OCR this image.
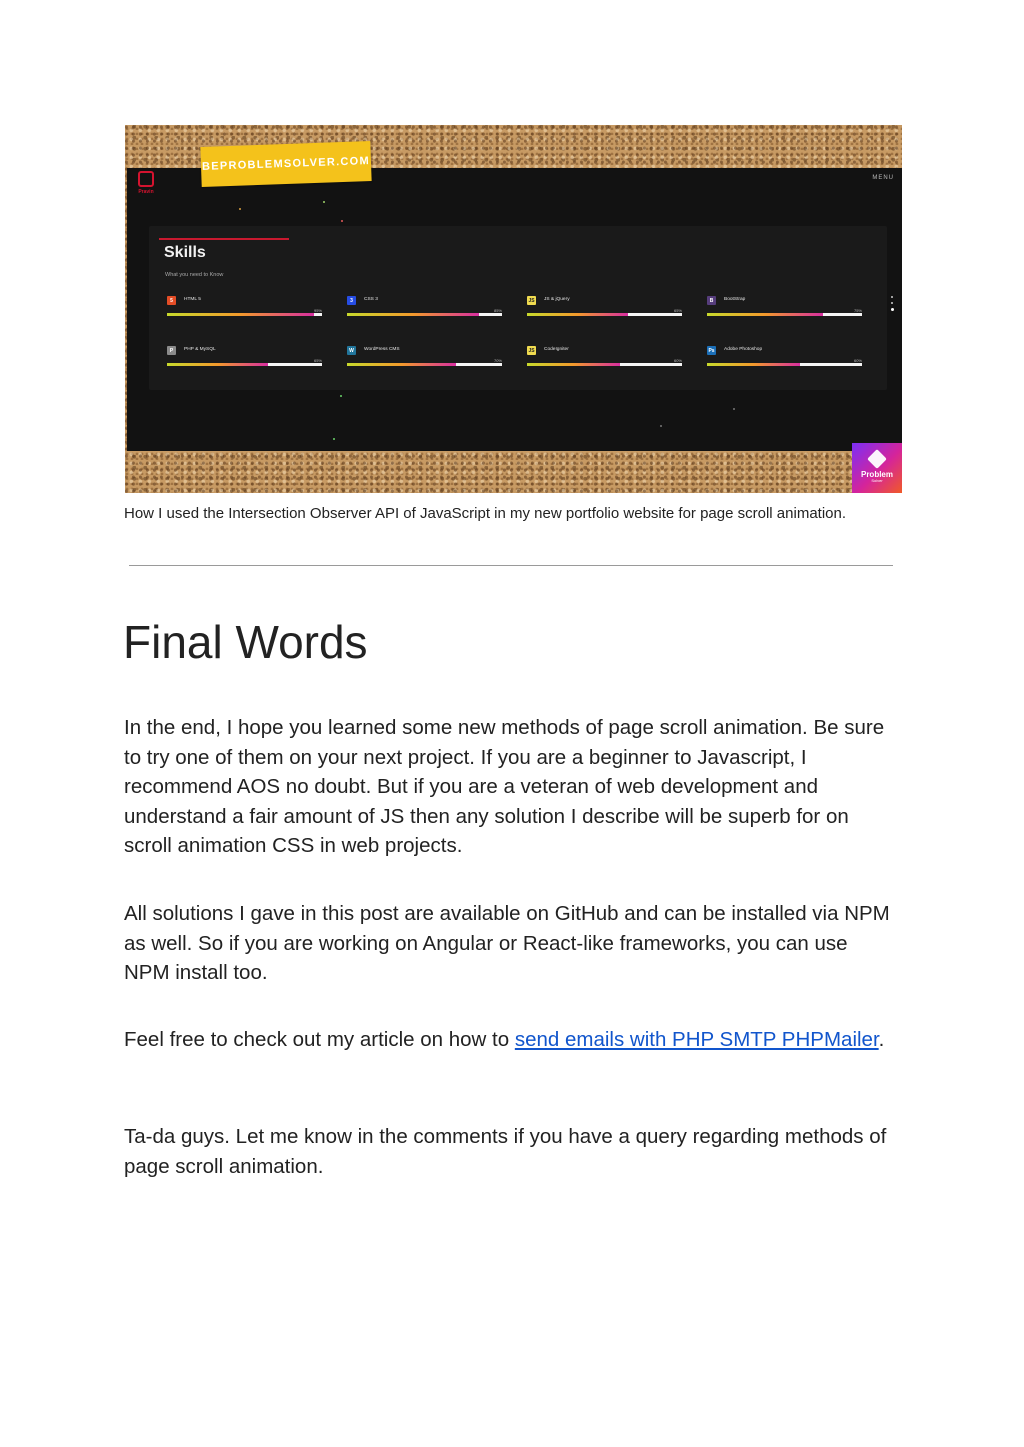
BEPROBLEMSOLVER.COM
Pravin
MENU
Skills
What you need to Know
5	HTML 5
95%
3	CSS 3
85%
JS JS & jQuery
65%
B	BootStrap
75%
P	PHP & MySQL
65%
W	WordPress CMS
70%
JS CodeIgniter
60%
Ps Adobe Photoshop
60%
Problem
Solver
How I used the Intersection Observer API of JavaScript in my new portfolio website for page scroll animation.
Final Words

In the end, I hope you learned some new methods of page scroll animation. Be sure to try one of them on your next project. If you are a beginner to Javascript, I recommend AOS no doubt. But if you are a veteran of web development and understand a fair amount of JS then any solution I describe will be superb for on scroll animation CSS in web projects.

All solutions I gave in this post are available on GitHub and can be installed via NPM as well. So if you are working on Angular or React-like frameworks, you can use NPM install too.

Feel free to check out my article on how to send emails with PHP SMTP PHPMailer.

Ta-da guys. Let me know in the comments if you have a query regarding methods of page scroll animation.
